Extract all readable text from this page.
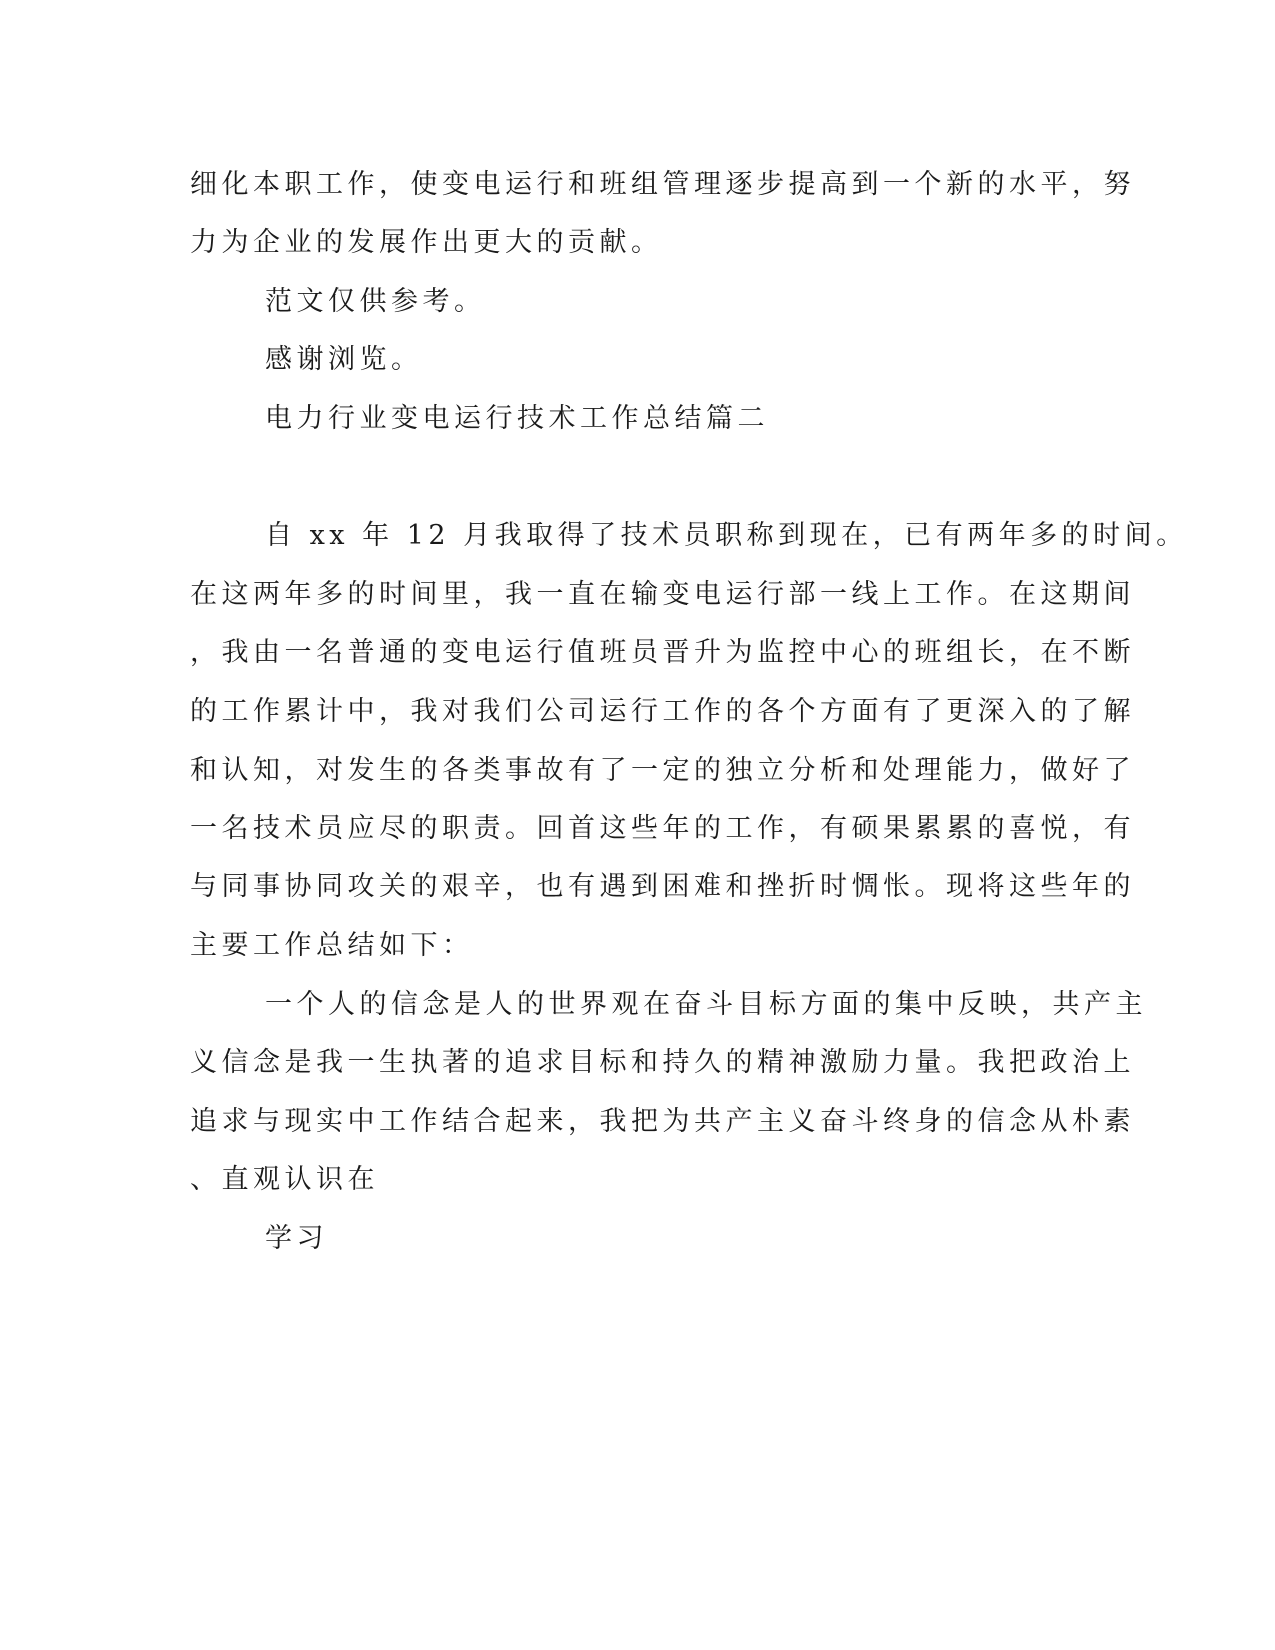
细化本职工作，使变电运行和班组管理逐步提高到一个新的水平，努
力为企业的发展作出更大的贡献。
范文仅供参考。
感谢浏览。
电力行业变电运行技术工作总结篇二
自 xx 年 12 月我取得了技术员职称到现在，已有两年多的时间。
在这两年多的时间里，我一直在输变电运行部一线上工作。在这期间
，我由一名普通的变电运行值班员晋升为监控中心的班组长，在不断
的工作累计中，我对我们公司运行工作的各个方面有了更深入的了解
和认知，对发生的各类事故有了一定的独立分析和处理能力，做好了
一名技术员应尽的职责。回首这些年的工作，有硕果累累的喜悦，有
与同事协同攻关的艰辛，也有遇到困难和挫折时惆怅。现将这些年的
主要工作总结如下：
一个人的信念是人的世界观在奋斗目标方面的集中反映，共产主
义信念是我一生执著的追求目标和持久的精神激励力量。我把政治上
追求与现实中工作结合起来，我把为共产主义奋斗终身的信念从朴素
、直观认识在
学习
